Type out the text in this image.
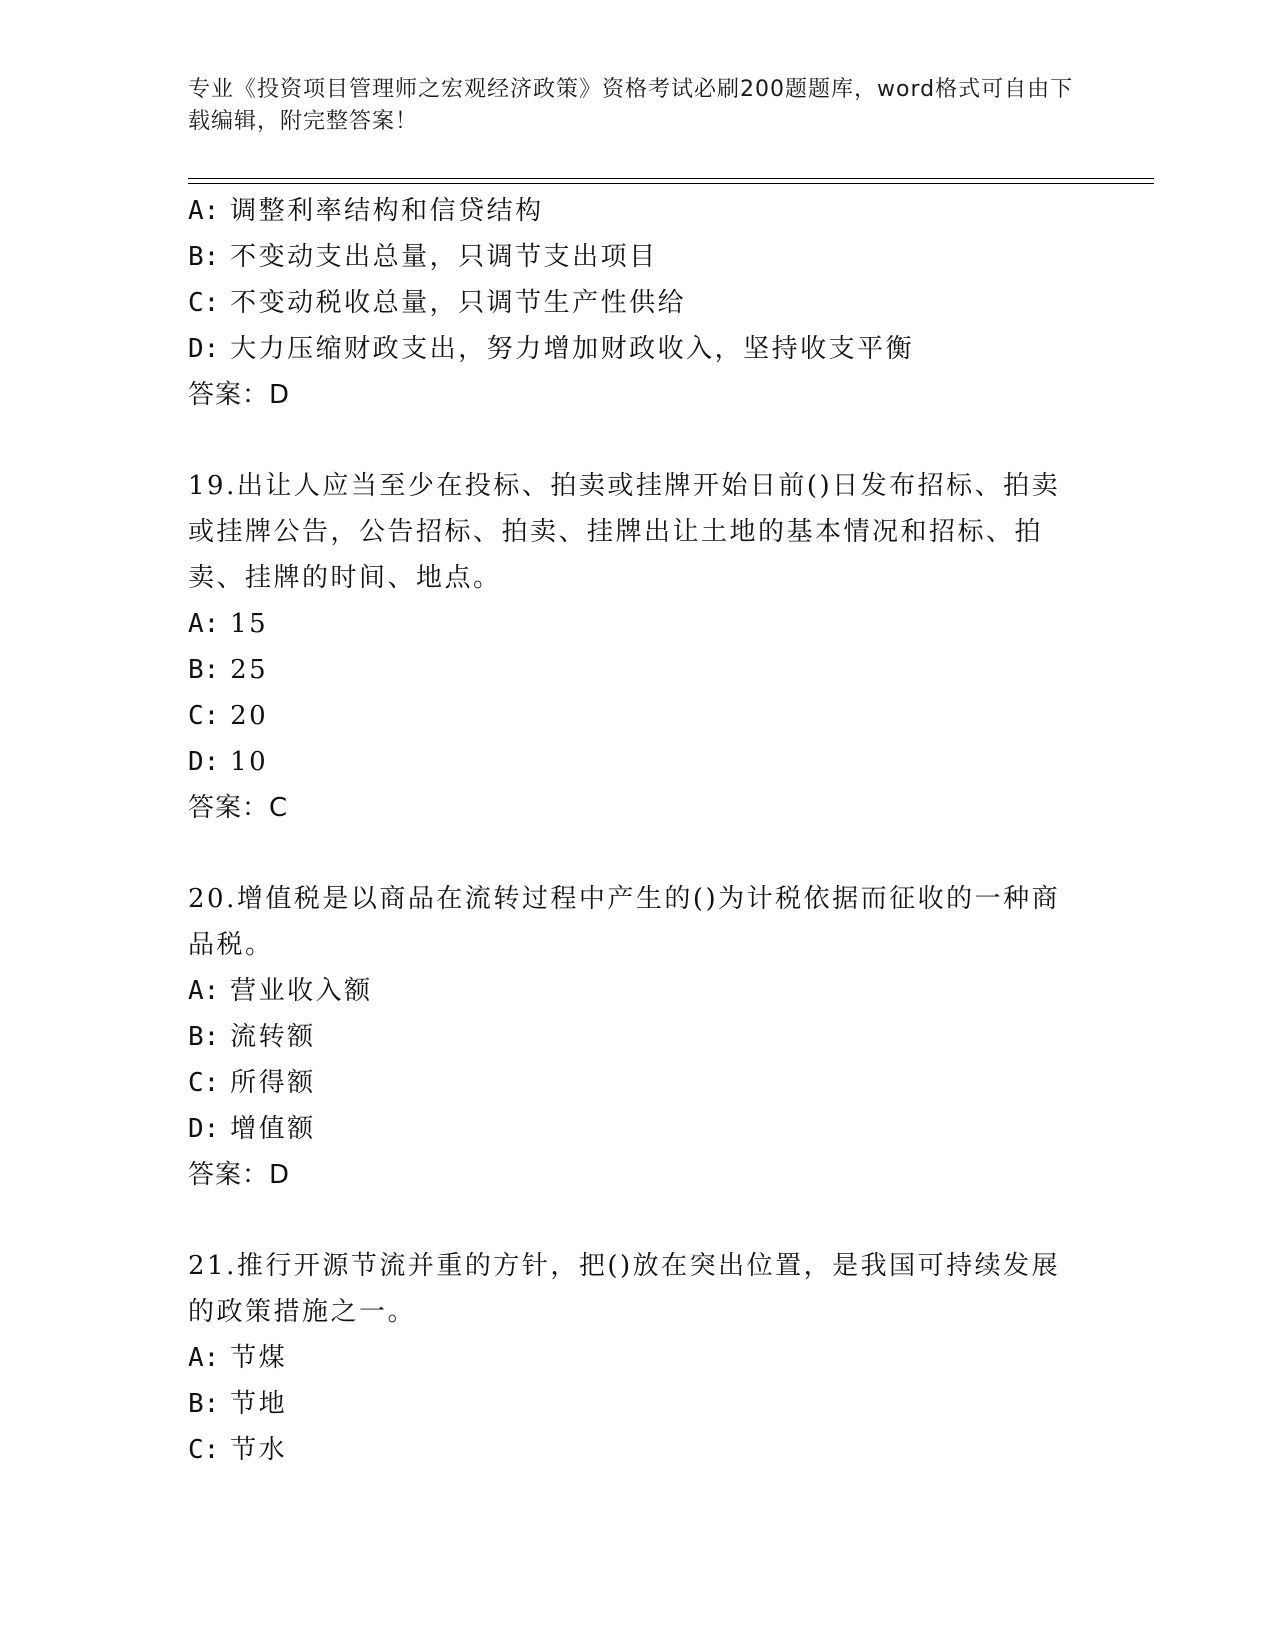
专业《投资项目管理师之宏观经济政策》资格考试必刷200题题库，word格式可自由下载编辑，附完整答案！
A: 调整利率结构和信贷结构
B: 不变动支出总量，只调节支出项目
C: 不变动税收总量，只调节生产性供给
D: 大力压缩财政支出，努力增加财政收入，坚持收支平衡
答案：D
19.出让人应当至少在投标、拍卖或挂牌开始日前()日发布招标、拍卖或挂牌公告，公告招标、拍卖、挂牌出让土地的基本情况和招标、拍卖、挂牌的时间、地点。
A: 15
B: 25
C: 20
D: 10
答案：C
20.增值税是以商品在流转过程中产生的()为计税依据而征收的一种商品税。
A: 营业收入额
B: 流转额
C: 所得额
D: 增值额
答案：D
21.推行开源节流并重的方针，把()放在突出位置，是我国可持续发展的政策措施之一。
A: 节煤
B: 节地
C: 节水
